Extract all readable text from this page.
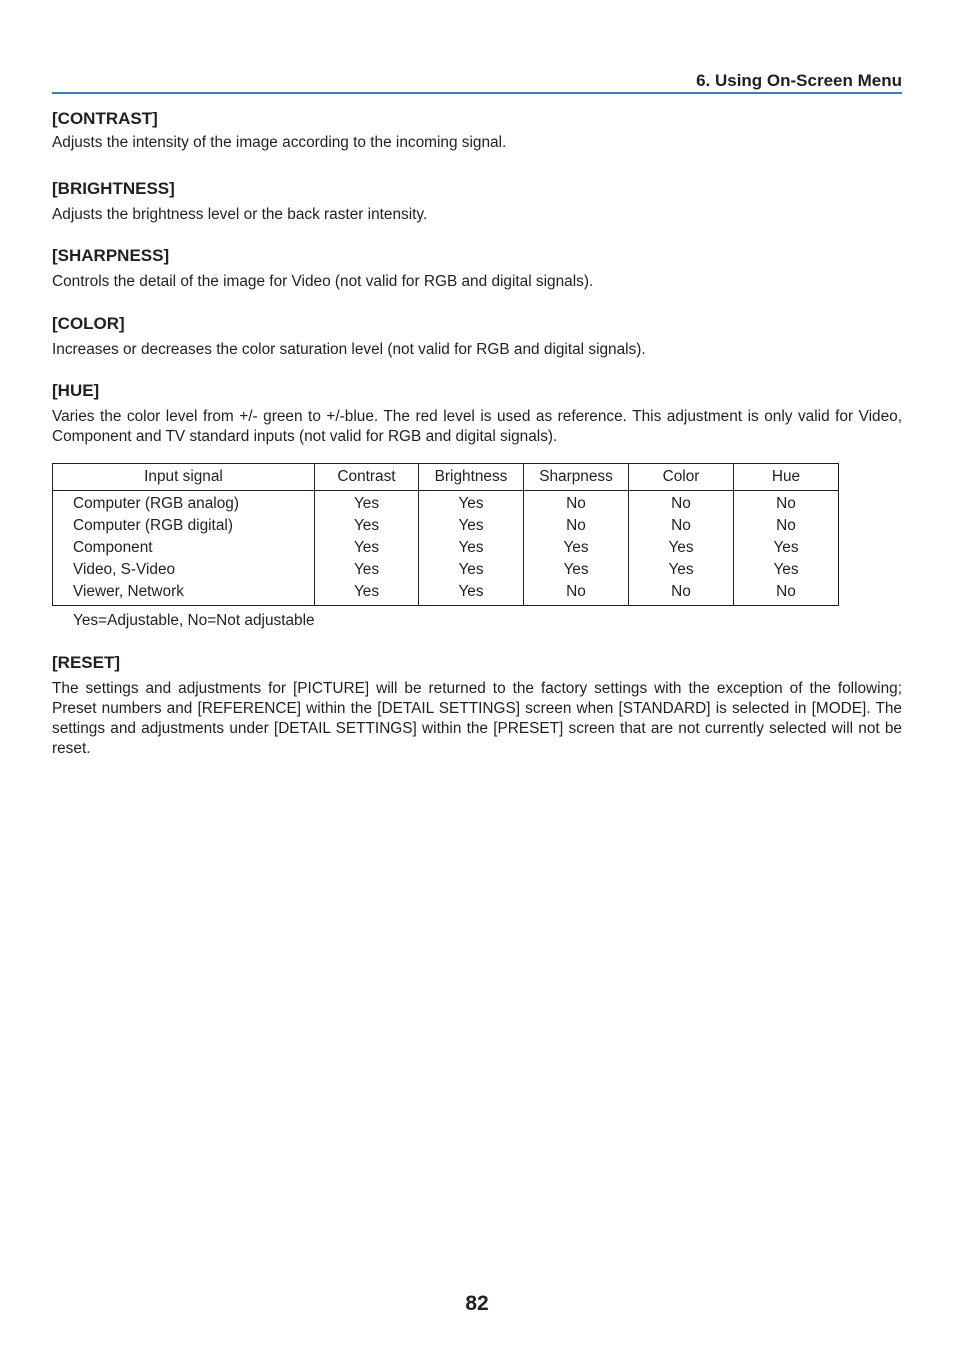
6. Using On-Screen Menu

[CONTRAST]

Adjusts the intensity of the image according to the incoming signal.

[BRIGHTNESS]

Adjusts the brightness level or the back raster intensity.

[SHARPNESS]

Controls the detail of the image for Video (not valid for RGB and digital signals).

[COLOR]

Increases or decreases the color saturation level (not valid for RGB and digital signals).

[HUE]

Varies the color level from +/- green to +/-blue. The red level is used as reference. This adjustment is only valid for Video, Component and TV standard inputs (not valid for RGB and digital signals).

Input signal	Contrast	Brightness	Sharpness	Color	Hue
Computer (RGB analog)	Yes	Yes	No	No	No
Computer (RGB digital)	Yes	Yes	No	No	No
Component	Yes	Yes	Yes	Yes	Yes
Video, S-Video	Yes	Yes	Yes	Yes	Yes
Viewer, Network	Yes	Yes	No	No	No

Yes=Adjustable, No=Not adjustable

[RESET]

The settings and adjustments for [PICTURE] will be returned to the factory settings with the exception of the following; Preset numbers and [REFERENCE] within the [DETAIL SETTINGS] screen when [STANDARD] is selected in [MODE]. The settings and adjustments under [DETAIL SETTINGS] within the [PRESET] screen that are not currently selected will not be reset.

82
